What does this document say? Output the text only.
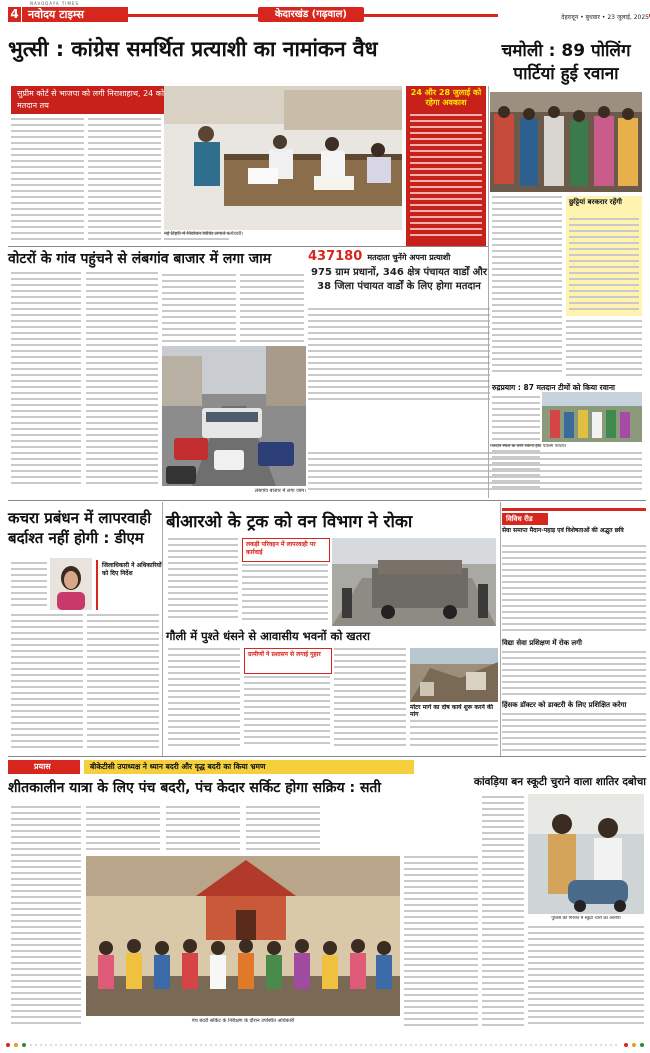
4 नवोदय टाइम्स
NAVODAYA TIMES
केदारखंड (गढ़वाल)	देहरादून • बुधवार • 23 जुलाई, 2025
भुत्सी : कांग्रेस समर्थित प्रत्याशी का नामांकन वैध
सुप्रीम कोर्ट से भाजपा को लगी निराशाहाथ, 24 को मतदान तय
नई टिहरी में निर्वाचन शिविर लगाते कर्मचारी।
24 और 28 जुलाई को रहेगा अवकाश
चमोली : 89 पोलिंग पार्टियां हुई रवाना
छुट्टियां बरकरार रहेंगी
रुद्रप्रयाग : 87 मतदान टीमों को किया रवाना
वोटरों के गांव पहुंचने से लंबगांव बाजार में लगा जाम
लंबगांव बाजार में लगा जाम।
437180 मतदाता चुनेंगे अपना प्रत्याशी
975 ग्राम प्रधानों, 346 क्षेत्र पंचायत वार्डों और 38 जिला पंचायत वार्डों के लिए होगा मतदान
मतदान स्थल के लिए रवाना होते पोलिंग पार्टियां
कचरा प्रबंधन में लापरवाही बर्दाश्त नहीं होगी : डीएम
जिलाधिकारी ने अधिकारियों को दिए निर्देश
बीआरओ के ट्रक को वन विभाग ने रोका
लकड़ी परिवहन में लापरवाही पर कार्रवाई
गौली में पुश्ते धंसने से आवासीय भवनों को खतरा
ग्रामीणों ने प्रशासन से लगाई गुहार
मोटर मार्ग का दोष कार्य शुरू करने की मांग
विविध रीड
सेवा समाप्त मैदान-पहाड़ एवं विशेषताओं की अद्भुत छवि
विद्या सेवा प्रशिक्षण में रोक लगी
हिंसक डॉक्टर को डाक्टरी के लिए प्रशिक्षित करेगा
प्रयास	बीकेटीसी उपाध्यक्ष ने ध्यान बदरी और वृद्ध बदरी का किया भ्रमण
शीतकालीन यात्रा के लिए पंच बदरी, पंच केदार सर्किट होगा सक्रिय : सती
पंच बदरी सर्किट के निरीक्षण के दौरान उपस्थित अधिकारी
कांवड़िया बन स्कूटी चुराने वाला शातिर दबोचा
पुलिस की गिरफ्त में स्कूटी चोरी का आरोपी
